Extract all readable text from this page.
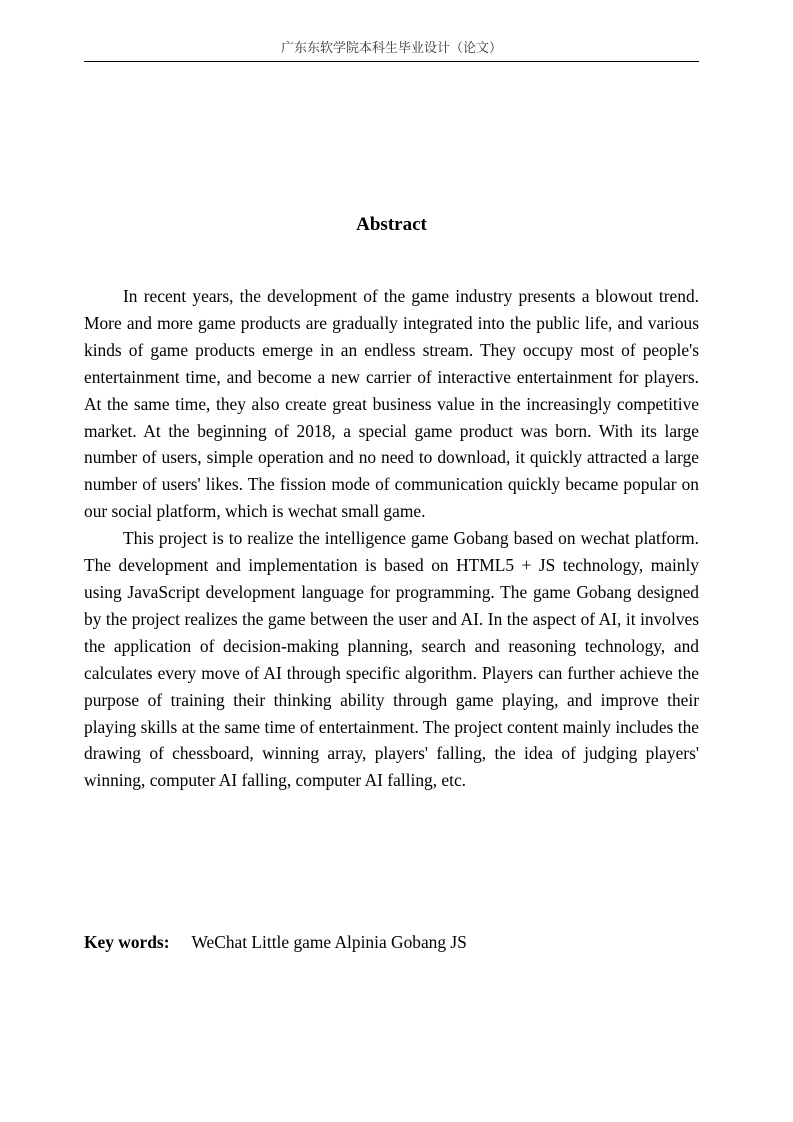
广东东软学院本科生毕业设计（论文）
Abstract

In recent years, the development of the game industry presents a blowout trend. More and more game products are gradually integrated into the public life, and various kinds of game products emerge in an endless stream. They occupy most of people's entertainment time, and become a new carrier of interactive entertainment for players. At the same time, they also create great business value in the increasingly competitive market. At the beginning of 2018, a special game product was born. With its large number of users, simple operation and no need to download, it quickly attracted a large number of users' likes. The fission mode of communication quickly became popular on our social platform, which is wechat small game.

This project is to realize the intelligence game Gobang based on wechat platform. The development and implementation is based on HTML5 + JS technology, mainly using JavaScript development language for programming. The game Gobang designed by the project realizes the game between the user and AI. In the aspect of AI, it involves the application of decision-making planning, search and reasoning technology, and calculates every move of AI through specific algorithm. Players can further achieve the purpose of training their thinking ability through game playing, and improve their playing skills at the same time of entertainment. The project content mainly includes the drawing of chessboard, winning array, players' falling, the idea of judging players' winning, computer AI falling, computer AI falling, etc.

Key words: WeChat Little game Alpinia Gobang JS
